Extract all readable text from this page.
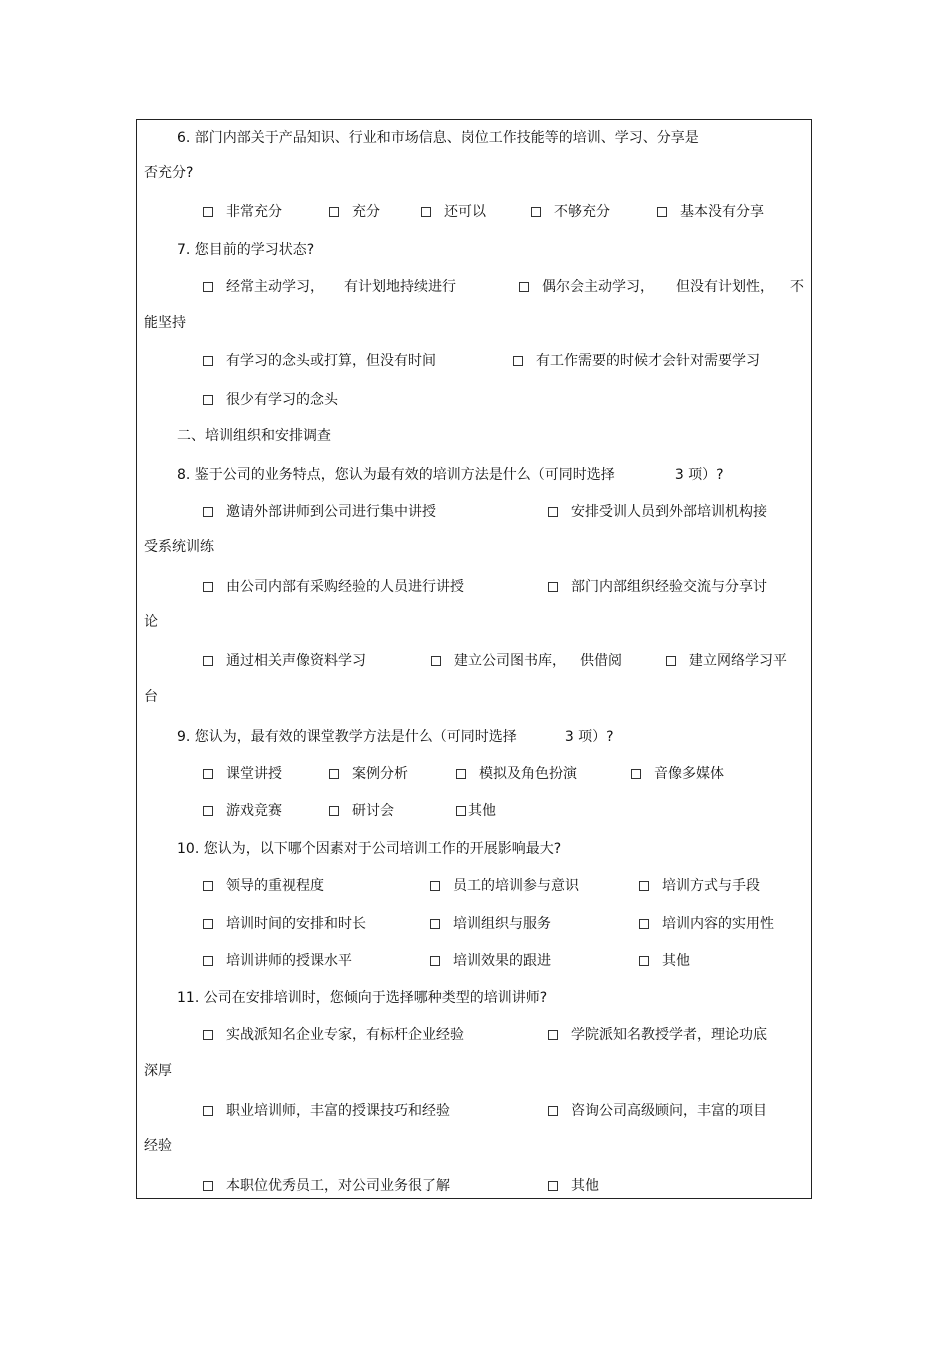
6. 部门内部关于产品知识、行业和市场信息、岗位工作技能等的培训、学习、分享是
否充分?
非常充分	充分	还可以	不够充分	基本没有分享
7. 您目前的学习状态?
经常主动学习， 有计划地持续进行	偶尔会主动学习， 但没有计划性， 不
能坚持
有学习的念头或打算，但没有时间	有工作需要的时候才会针对需要学习
很少有学习的念头
二、培训组织和安排调查
8. 鉴于公司的业务特点，您认为最有效的培训方法是什么（可同时选择	3 项）?
邀请外部讲师到公司进行集中讲授	安排受训人员到外部培训机构接
受系统训练
由公司内部有采购经验的人员进行讲授	部门内部组织经验交流与分享讨
论
通过相关声像资料学习	建立公司图书库， 供借阅	建立网络学习平
台
9. 您认为，最有效的课堂教学方法是什么（可同时选择	3 项）?
课堂讲授	案例分析	模拟及角色扮演	音像多媒体
游戏竞赛	研讨会	其他
10. 您认为，以下哪个因素对于公司培训工作的开展影响最大?
领导的重视程度	员工的培训参与意识	培训方式与手段
培训时间的安排和时长	培训组织与服务	培训内容的实用性
培训讲师的授课水平	培训效果的跟进	其他
11. 公司在安排培训时，您倾向于选择哪种类型的培训讲师?
实战派知名企业专家，有标杆企业经验	学院派知名教授学者，理论功底
深厚
职业培训师，丰富的授课技巧和经验	咨询公司高级顾问，丰富的项目
经验
本职位优秀员工，对公司业务很了解	其他
